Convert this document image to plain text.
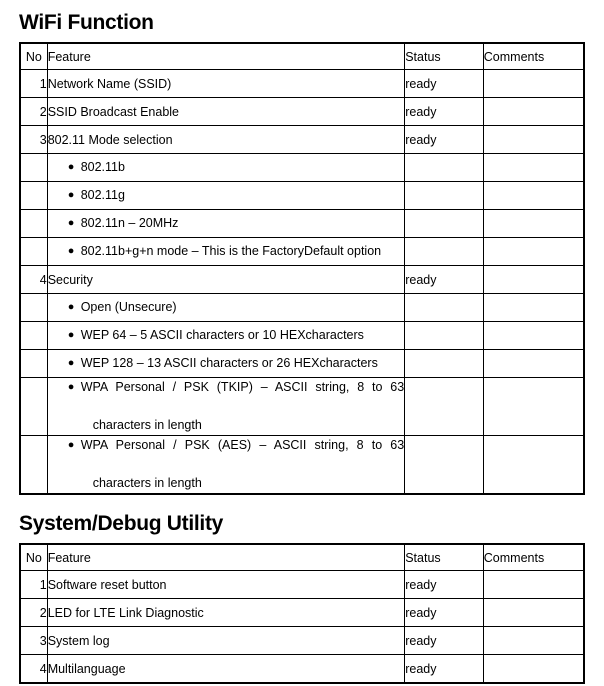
WiFi Function
No	Feature	Status	Comments
1	Network Name (SSID)	ready	
2	SSID Broadcast Enable	ready	
3	802.11 Mode selection	ready	

	● 802.11b		

	● 802.11g		

	● 802.11n – 20MHz		

	● 802.11b+g+n mode – This is the FactoryDefault option		

4	Security	ready	

	● Open (Unsecure)		

	● WEP 64 – 5 ASCII characters or 10 HEXcharacters		

	● WEP 128 – 13 ASCII characters or 26 HEXcharacters		

	● WPA Personal / PSK (TKIP) – ASCII string, 8 to 63
characters in length		

	● WPA Personal / PSK (AES) – ASCII string, 8 to 63
characters in length		

System/Debug Utility
No	Feature	Status	Comments
1	Software reset button	ready	
2	LED for LTE Link Diagnostic	ready	
3	System log	ready	
4	Multilanguage	ready	
